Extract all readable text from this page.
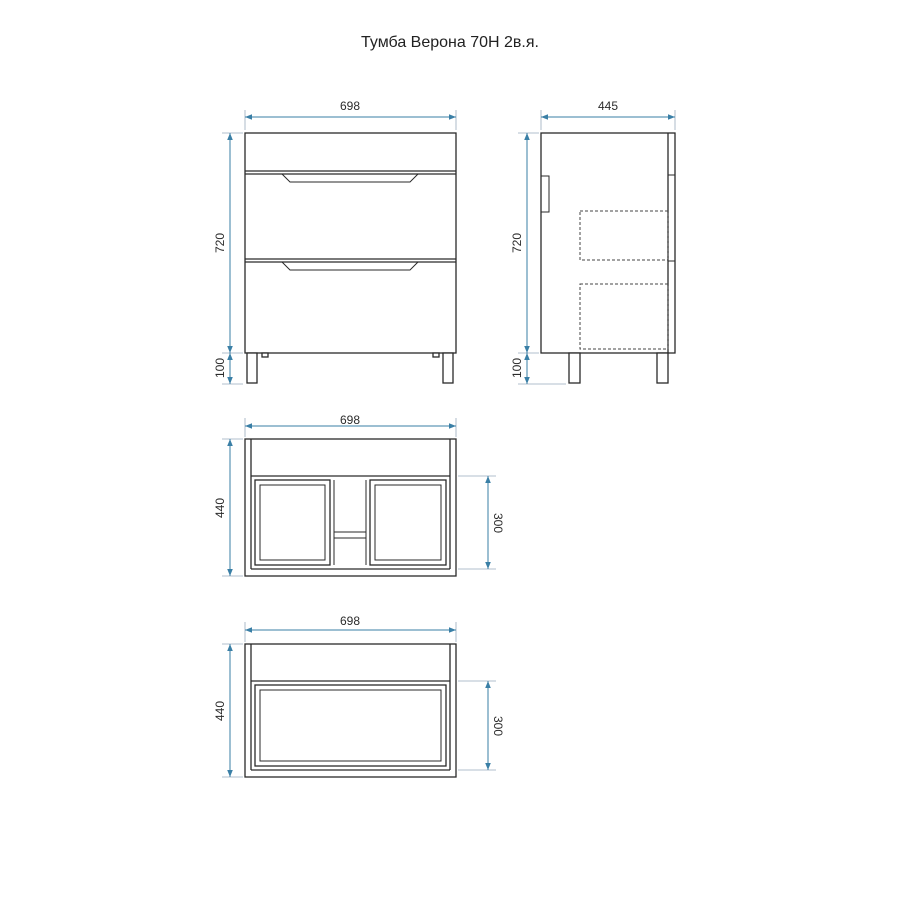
Тумба Верона 70Н 2в.я.
698
720
100
445
720
100
698
440
300
698
440
300
